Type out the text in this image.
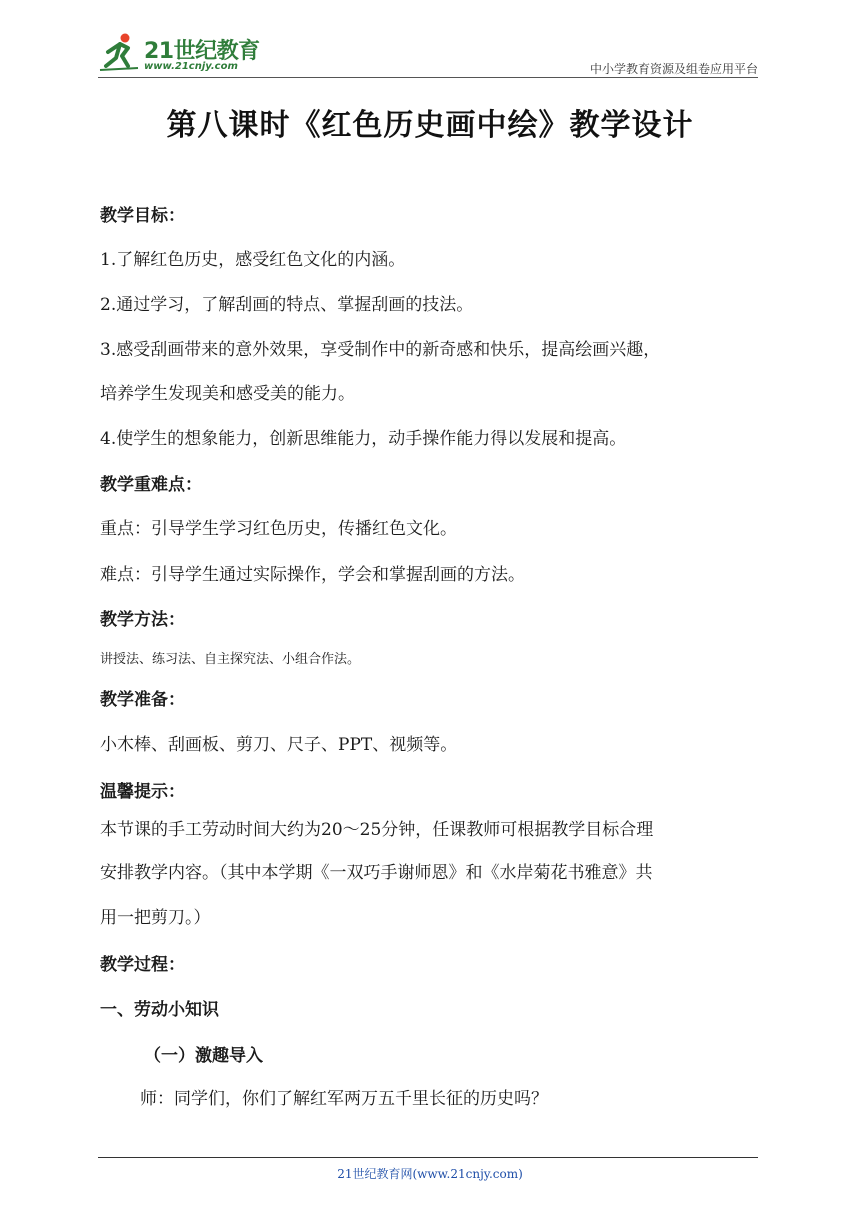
21世纪教育
www.21cnjy.com	中小学教育资源及组卷应用平台
第八课时《红色历史画中绘》教学设计
教学目标：
1.了解红色历史，感受红色文化的内涵。
2.通过学习，了解刮画的特点、掌握刮画的技法。
3.感受刮画带来的意外效果，享受制作中的新奇感和快乐，提高绘画兴趣，
培养学生发现美和感受美的能力。
4.使学生的想象能力，创新思维能力，动手操作能力得以发展和提高。
教学重难点：
重点：引导学生学习红色历史，传播红色文化。
难点：引导学生通过实际操作，学会和掌握刮画的方法。
教学方法：
讲授法、练习法、自主探究法、小组合作法。
教学准备：
小木棒、刮画板、剪刀、尺子、PPT、视频等。
温馨提示：
本节课的手工劳动时间大约为20～25分钟，任课教师可根据教学目标合理
安排教学内容。（其中本学期《一双巧手谢师恩》和《水岸菊花书雅意》共
用一把剪刀。）
教学过程：
一、劳动小知识
（一）激趣导入
师：同学们，你们了解红军两万五千里长征的历史吗？
21世纪教育网(www.21cnjy.com)
